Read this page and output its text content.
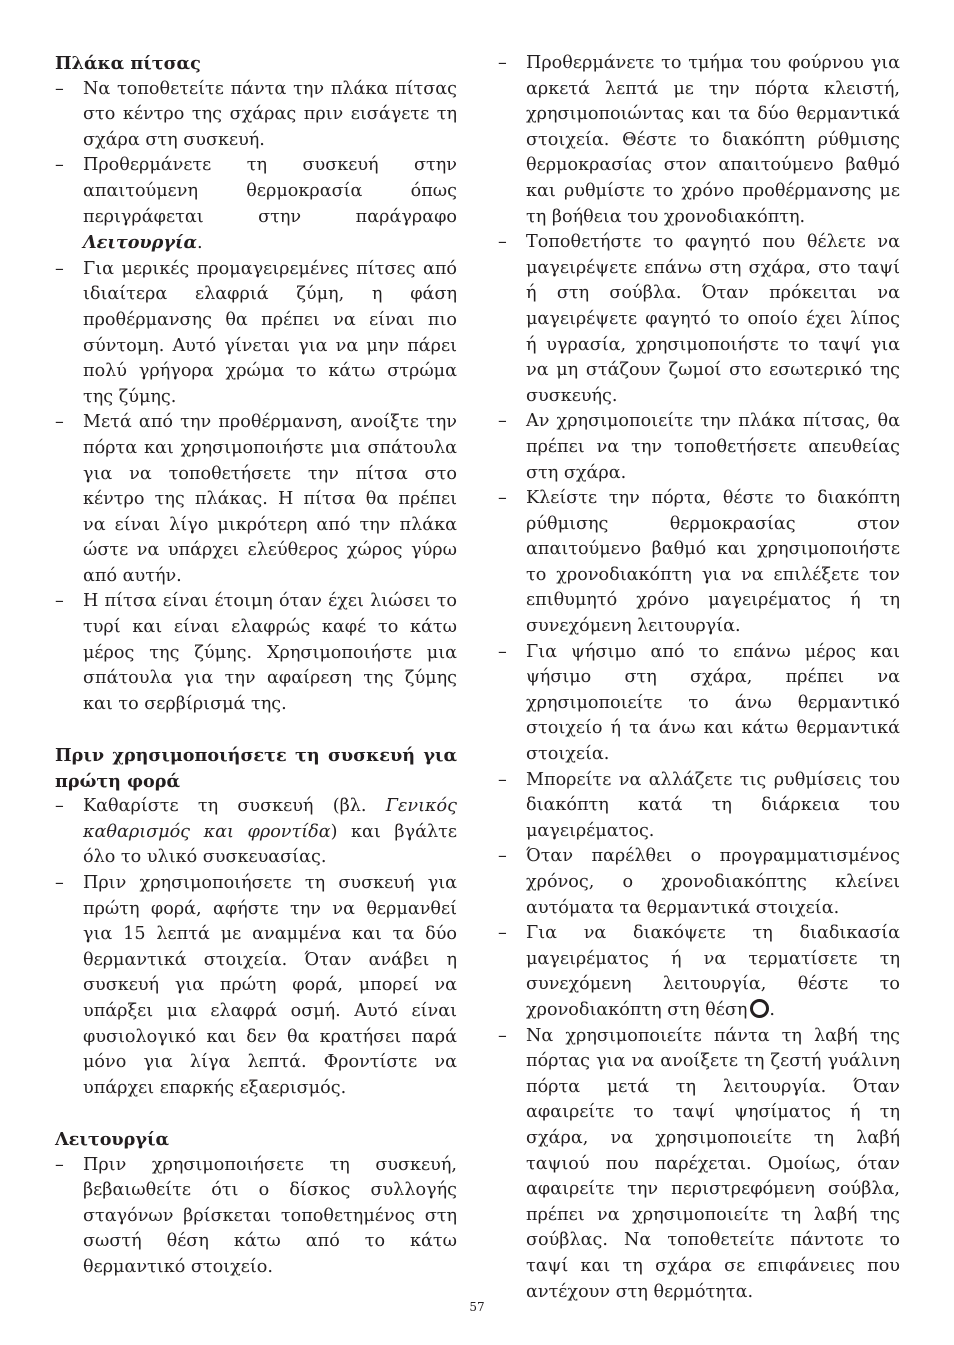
Πλάκα πίτσας

– Να τοποθετείτε πάντα την πλάκα πίτσας στο κέντρο της σχάρας πριν εισάγετε τη σχάρα στη συσκευή.
– Προθερμάνετε τη συσκευή στην απαιτούμενη θερμοκρασία όπως περιγράφεται στην παράγραφο Λειτουργία.
– Για μερικές προμαγειρεμένες πίτσες από ιδιαίτερα ελαφριά ζύμη, η φάση προθέρμανσης θα πρέπει να είναι πιο σύντομη. Αυτό γίνεται για να μην πάρει πολύ γρήγορα χρώμα το κάτω στρώμα της ζύμης.
– Μετά από την προθέρμανση, ανοίξτε την πόρτα και χρησιμοποιήστε μια σπάτουλα για να τοποθετήσετε την πίτσα στο κέντρο της πλάκας. Η πίτσα θα πρέπει να είναι λίγο μικρότερη από την πλάκα ώστε να υπάρχει ελεύθερος χώρος γύρω από αυτήν.
– Η πίτσα είναι έτοιμη όταν έχει λιώσει το τυρί και είναι ελαφρώς καφέ το κάτω μέρος της ζύμης. Χρησιμοποιήστε μια σπάτουλα για την αφαίρεση της ζύμης και το σερβίρισμά της.

Πριν χρησιμοποιήσετε τη συσκευή για πρώτη φορά

– Καθαρίστε τη συσκευή (βλ. Γενικός καθαρισμός και φροντίδα) και βγάλτε όλο το υλικό συσκευασίας.
– Πριν χρησιμοποιήσετε τη συσκευή για πρώτη φορά, αφήστε την να θερμανθεί για 15 λεπτά με αναμμένα και τα δύο θερμαντικά στοιχεία. Όταν ανάβει η συσκευή για πρώτη φορά, μπορεί να υπάρξει μια ελαφρά οσμή. Αυτό είναι φυσιολογικό και δεν θα κρατήσει παρά μόνο για λίγα λεπτά. Φροντίστε να υπάρχει επαρκής εξαερισμός.

Λειτουργία

– Πριν χρησιμοποιήσετε τη συσκευή, βεβαιωθείτε ότι ο δίσκος συλλογής σταγόνων βρίσκεται τοποθετημένος στη σωστή θέση κάτω από το κάτω θερμαντικό στοιχείο.
– Προθερμάνετε το τμήμα του φούρνου για αρκετά λεπτά με την πόρτα κλειστή, χρησιμοποιώντας και τα δύο θερμαντικά στοιχεία. Θέστε το διακόπτη ρύθμισης θερμοκρασίας στον απαιτούμενο βαθμό και ρυθμίστε το χρόνο προθέρμανσης με τη βοήθεια του χρονοδιακόπτη.
– Τοποθετήστε το φαγητό που θέλετε να μαγειρέψετε επάνω στη σχάρα, στο ταψί ή στη σούβλα. Όταν πρόκειται να μαγειρέψετε φαγητό το οποίο έχει λίπος ή υγρασία, χρησιμοποιήστε το ταψί για να μη στάζουν ζωμοί στο εσωτερικό της συσκευής.
– Αν χρησιμοποιείτε την πλάκα πίτσας, θα πρέπει να την τοποθετήσετε απευθείας στη σχάρα.
– Κλείστε την πόρτα, θέστε το διακόπτη ρύθμισης θερμοκρασίας στον απαιτούμενο βαθμό και χρησιμοποιήστε το χρονοδιακόπτη για να επιλέξετε τον επιθυμητό χρόνο μαγειρέματος ή τη συνεχόμενη λειτουργία.
– Για ψήσιμο από το επάνω μέρος και ψήσιμο στη σχάρα, πρέπει να χρησιμοποιείτε το άνω θερμαντικό στοιχείο ή τα άνω και κάτω θερμαντικά στοιχεία.
– Μπορείτε να αλλάζετε τις ρυθμίσεις του διακόπτη κατά τη διάρκεια του μαγειρέματος.
– Όταν παρέλθει ο προγραμματισμένος χρόνος, ο χρονοδιακόπτης κλείνει αυτόματα τα θερμαντικά στοιχεία.
– Για να διακόψετε τη διαδικασία μαγειρέματος ή να τερματίσετε τη συνεχόμενη λειτουργία, θέστε το χρονοδιακόπτη στη θέση .
– Να χρησιμοποιείτε πάντα τη λαβή της πόρτας για να ανοίξετε τη ζεστή γυάλινη πόρτα μετά τη λειτουργία. Όταν αφαιρείτε το ταψί ψησίματος ή τη σχάρα, να χρησιμοποιείτε τη λαβή ταψιού που παρέχεται. Ομοίως, όταν αφαιρείτε την περιστρεφόμενη σούβλα, πρέπει να χρησιμοποιείτε τη λαβή της σούβλας. Να τοποθετείτε πάντοτε το ταψί και τη σχάρα σε επιφάνειες που αντέχουν στη θερμότητα.
57
